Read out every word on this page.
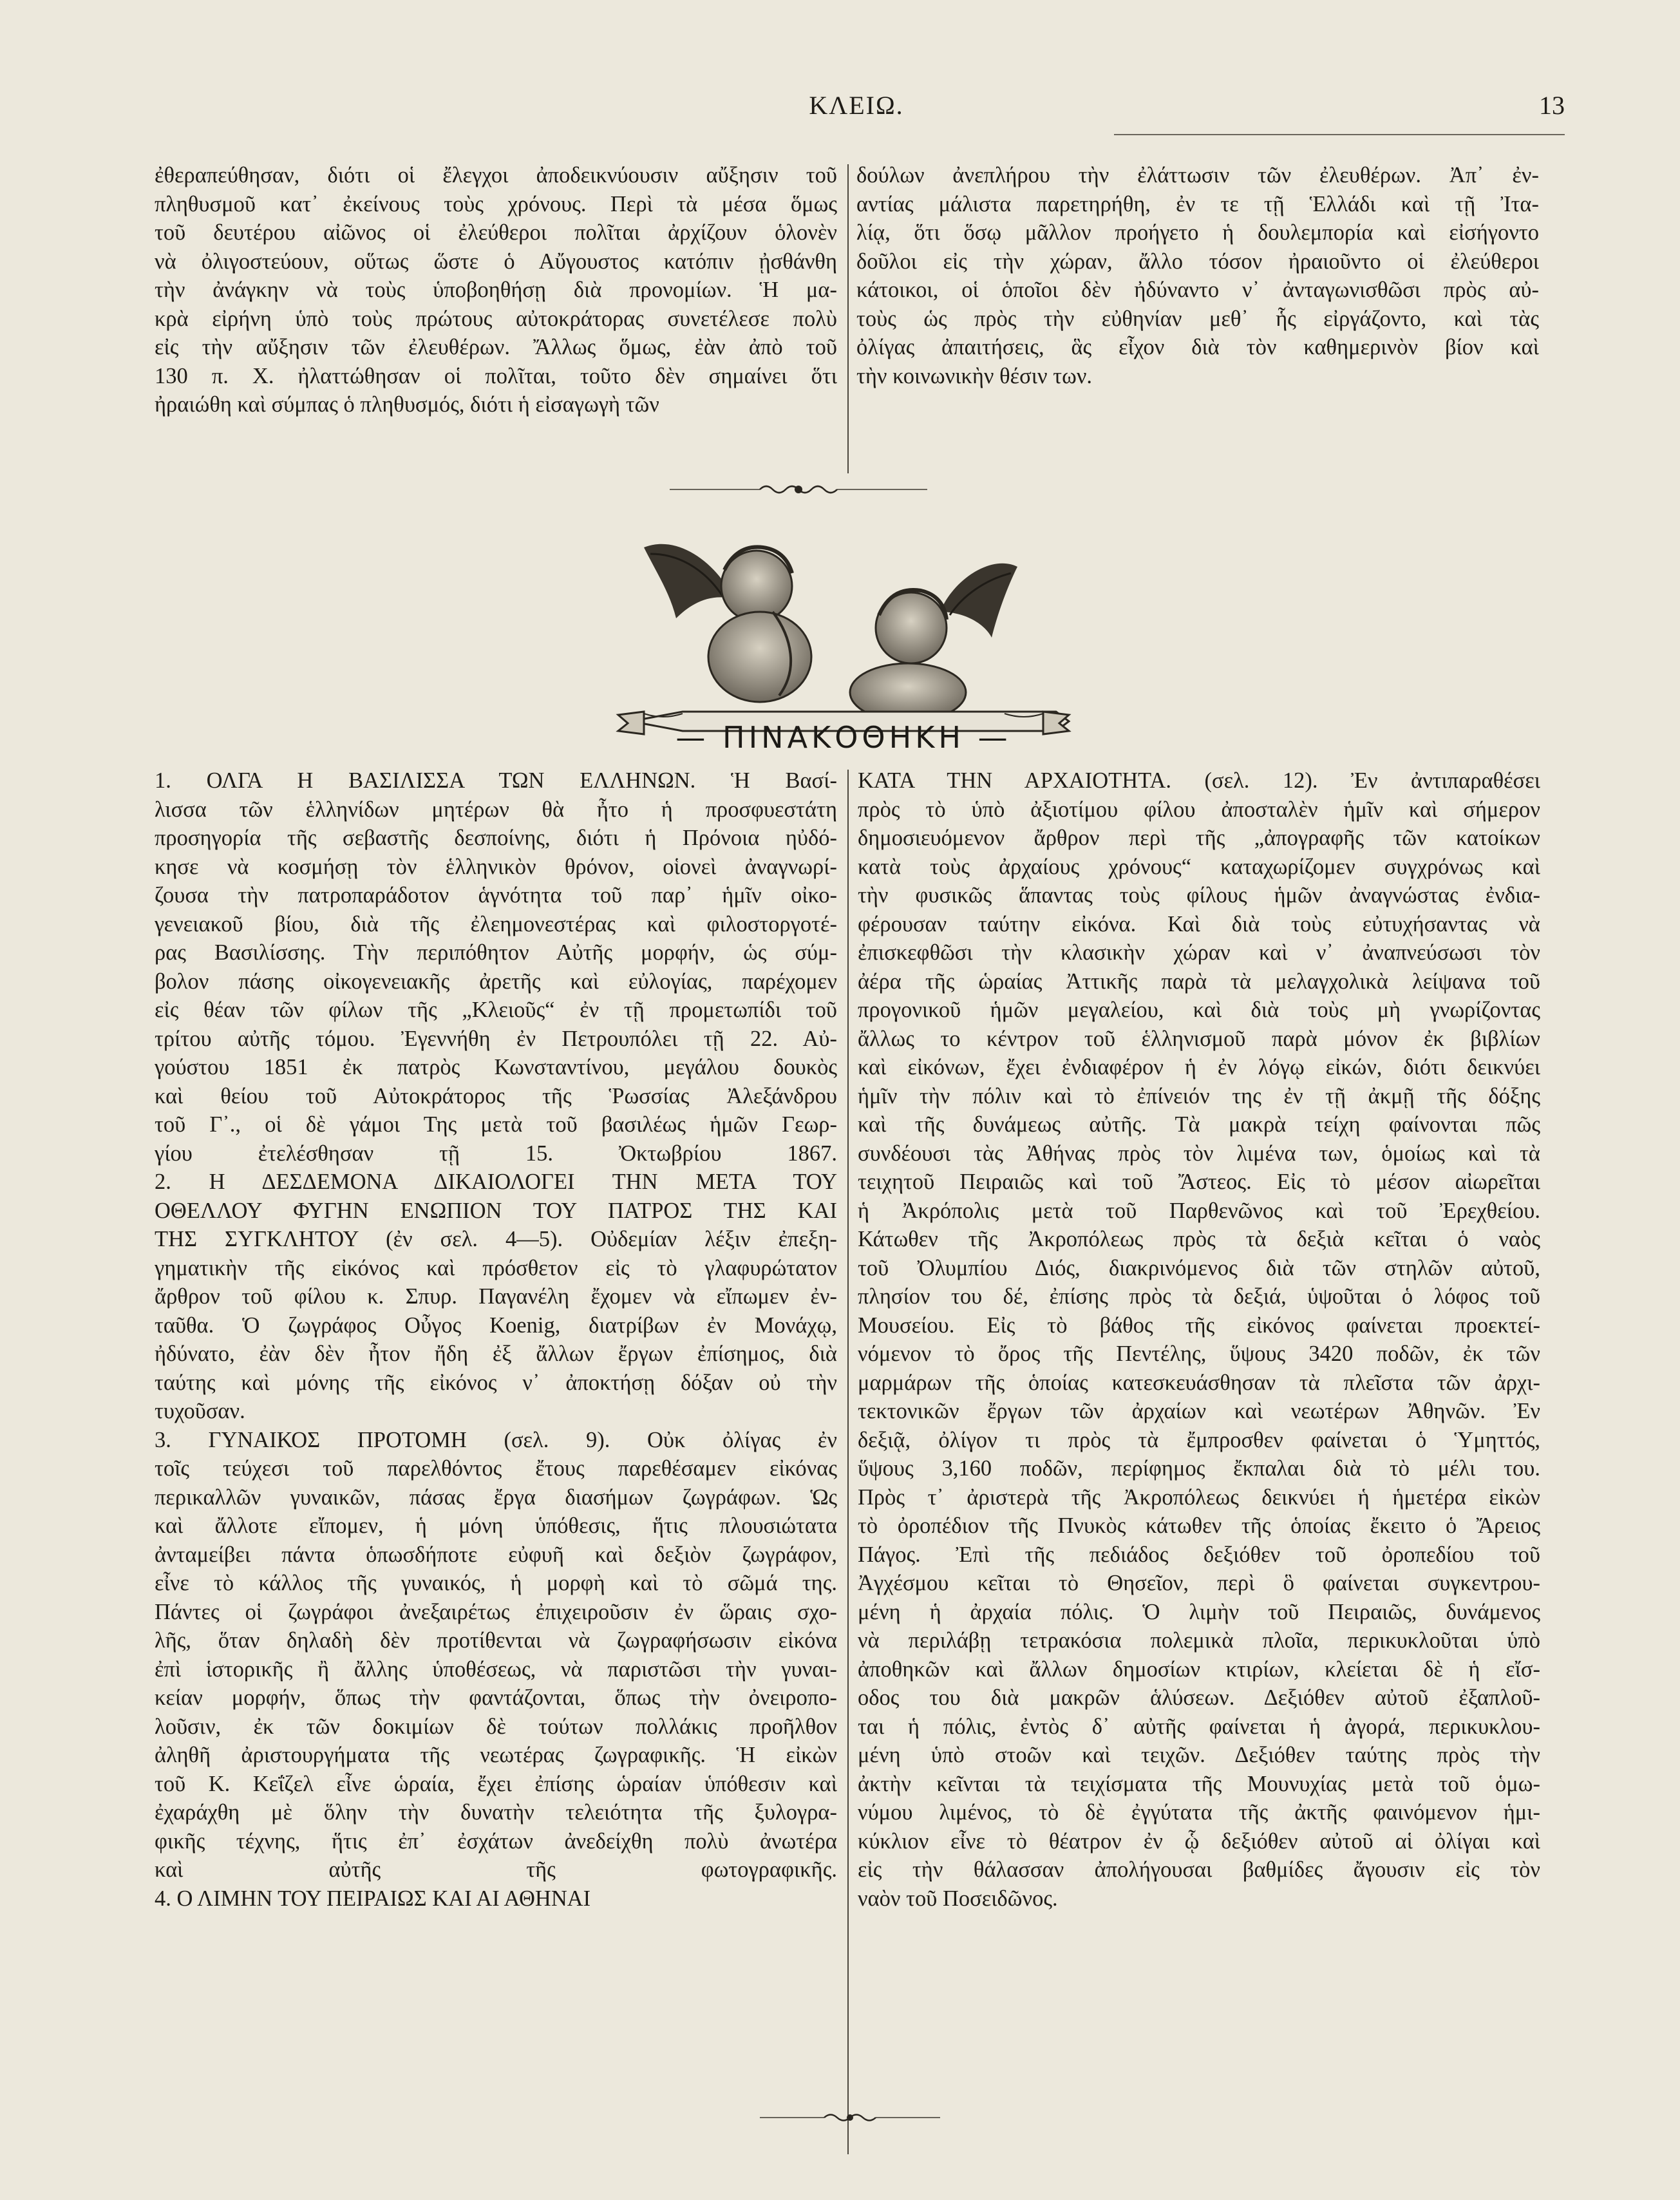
ΚΛΕΙΩ.	13
ἐθεραπεύθησαν, διότι οἱ ἔλεγχοι ἀποδεικνύουσιν αὔξησιν τοῦ
πληθυσμοῦ κατ᾽ ἐκείνους τοὺς χρόνους. Περὶ τὰ μέσα ὅμως
τοῦ δευτέρου αἰῶνος οἱ ἐλεύθεροι πολῖται ἀρχίζουν ὁλονὲν
νὰ ὀλιγοστεύουν, οὕτως ὥστε ὁ Αὔγουστος κατόπιν ᾐσθάνθη
τὴν ἀνάγκην νὰ τοὺς ὑποβοηθήσῃ διὰ προνομίων. Ἡ μα-
κρὰ εἰρήνη ὑπὸ τοὺς πρώτους αὐτοκράτορας συνετέλεσε πολὺ
εἰς τὴν αὔξησιν τῶν ἐλευθέρων. Ἄλλως ὅμως, ἐὰν ἀπὸ τοῦ
130 π. Χ. ἠλαττώθησαν οἱ πολῖται, τοῦτο δὲν σημαίνει ὅτι
ἠραιώθη καὶ σύμπας ὁ πληθυσμός, διότι ἡ εἰσαγωγὴ τῶν
δούλων ἀνεπλήρου τὴν ἐλάττωσιν τῶν ἐλευθέρων. Ἀπ᾽ ἐν-
αντίας μάλιστα παρετηρήθη, ἐν τε τῇ Ἑλλάδι καὶ τῇ Ἰτα-
λίᾳ, ὅτι ὅσῳ μᾶλλον προήγετο ἡ δουλεμπορία καὶ εἰσήγοντο
δοῦλοι εἰς τὴν χώραν, ἄλλο τόσον ἠραιοῦντο οἱ ἐλεύθεροι
κάτοικοι, οἱ ὁποῖοι δὲν ἠδύναντο ν᾽ ἀνταγωνισθῶσι πρὸς αὐ-
τοὺς ὡς πρὸς τὴν εὐθηνίαν μεθ᾽ ἧς εἰργάζοντο, καὶ τὰς
ὀλίγας ἀπαιτήσεις, ἃς εἶχον διὰ τὸν καθημερινὸν βίον καὶ
τὴν κοινωνικὴν θέσιν των.
— ΠΙΝΑΚΟΘΗΚΗ —
1. ΟΛΓΑ Η ΒΑΣΙΛΙΣΣΑ ΤΩΝ ΕΛΛΗΝΩΝ. Ἡ Βασί-
λισσα τῶν ἑλληνίδων μητέρων θὰ ἦτο ἡ προσφυεστάτη
προσηγορία τῆς σεβαστῆς δεσποίνης, διότι ἡ Πρόνοια ηὐδό-
κησε νὰ κοσμήσῃ τὸν ἑλληνικὸν θρόνον, οἱονεὶ ἀναγνωρί-
ζουσα τὴν πατροπαράδοτον ἁγνότητα τοῦ παρ᾽ ἡμῖν οἰκο-
γενειακοῦ βίου, διὰ τῆς ἐλεημονεστέρας καὶ φιλοστοργοτέ-
ρας Βασιλίσσης. Τὴν περιπόθητον Αὐτῆς μορφήν, ὡς σύμ-
βολον πάσης οἰκογενειακῆς ἀρετῆς καὶ εὐλογίας, παρέχομεν
εἰς θέαν τῶν φίλων τῆς „Κλειοῦς“ ἐν τῇ προμετωπίδι τοῦ
τρίτου αὐτῆς τόμου. Ἐγεννήθη ἐν Πετρουπόλει τῇ 22. Αὐ-
γούστου 1851 ἐκ πατρὸς Κωνσταντίνου, μεγάλου δουκὸς
καὶ θείου τοῦ Αὐτοκράτορος τῆς Ῥωσσίας Ἀλεξάνδρου
τοῦ Γ᾽., οἱ δὲ γάμοι Της μετὰ τοῦ βασιλέως ἡμῶν Γεωρ-
γίου ἐτελέσθησαν τῇ 15. Ὀκτωβρίου 1867.
2. Η ΔΕΣΔΕΜΟΝΑ ΔΙΚΑΙΟΛΟΓΕΙ ΤΗΝ ΜΕΤΑ ΤΟΥ
ΟΘΕΛΛΟΥ ΦΥΓΗΝ ΕΝΩΠΙΟΝ ΤΟΥ ΠΑΤΡΟΣ ΤΗΣ ΚΑΙ
ΤΗΣ ΣΥΓΚΛΗΤΟΥ (ἐν σελ. 4—5). Οὐδεμίαν λέξιν ἐπεξη-
γηματικὴν τῆς εἰκόνος καὶ πρόσθετον εἰς τὸ γλαφυρώτατον
ἄρθρον τοῦ φίλου κ. Σπυρ. Παγανέλη ἔχομεν νὰ εἴπωμεν ἐν-
ταῦθα. Ὁ ζωγράφος Οὖγος Koenig, διατρίβων ἐν Μονάχῳ,
ἠδύνατο, ἐὰν δὲν ἦτον ἤδη ἐξ ἄλλων ἔργων ἐπίσημος, διὰ
ταύτης καὶ μόνης τῆς εἰκόνος ν᾽ ἀποκτήσῃ δόξαν οὐ τὴν
τυχοῦσαν.
3. ΓΥΝΑΙΚΟΣ ΠΡΟΤΟΜΗ (σελ. 9). Οὐκ ὀλίγας ἐν
τοῖς τεύχεσι τοῦ παρελθόντος ἔτους παρεθέσαμεν εἰκόνας
περικαλλῶν γυναικῶν, πάσας ἔργα διασήμων ζωγράφων. Ὡς
καὶ ἄλλοτε εἴπομεν, ἡ μόνη ὑπόθεσις, ἥτις πλουσιώτατα
ἀνταμείβει πάντα ὁπωσδήποτε εὐφυῆ καὶ δεξιὸν ζωγράφον,
εἶνε τὸ κάλλος τῆς γυναικός, ἡ μορφὴ καὶ τὸ σῶμά της.
Πάντες οἱ ζωγράφοι ἀνεξαιρέτως ἐπιχειροῦσιν ἐν ὥραις σχο-
λῆς, ὅταν δηλαδὴ δὲν προτίθενται νὰ ζωγραφήσωσιν εἰκόνα
ἐπὶ ἱστορικῆς ἢ ἄλλης ὑποθέσεως, νὰ παριστῶσι τὴν γυναι-
κείαν μορφήν, ὅπως τὴν φαντάζονται, ὅπως τὴν ὀνειροπο-
λοῦσιν, ἐκ τῶν δοκιμίων δὲ τούτων πολλάκις προῆλθον
ἀληθῆ ἀριστουργήματα τῆς νεωτέρας ζωγραφικῆς. Ἡ εἰκὼν
τοῦ Κ. Κεΐζελ εἶνε ὡραία, ἔχει ἐπίσης ὡραίαν ὑπόθεσιν καὶ
ἐχαράχθη μὲ ὅλην τὴν δυνατὴν τελειότητα τῆς ξυλογρα-
φικῆς τέχνης, ἥτις ἐπ᾽ ἐσχάτων ἀνεδείχθη πολὺ ἀνωτέρα
καὶ αὐτῆς τῆς φωτογραφικῆς.
4. Ο ΛΙΜΗΝ ΤΟΥ ΠΕΙΡΑΙΩΣ ΚΑΙ ΑΙ ΑΘΗΝΑΙ
ΚΑΤΑ ΤΗΝ ΑΡΧΑΙΟΤΗΤΑ. (σελ. 12). Ἐν ἀντιπαραθέσει
πρὸς τὸ ὑπὸ ἀξιοτίμου φίλου ἀποσταλὲν ἡμῖν καὶ σήμερον
δημοσιευόμενον ἄρθρον περὶ τῆς „ἀπογραφῆς τῶν κατοίκων
κατὰ τοὺς ἀρχαίους χρόνους“ καταχωρίζομεν συγχρόνως καὶ
τὴν φυσικῶς ἅπαντας τοὺς φίλους ἡμῶν ἀναγνώστας ἐνδια-
φέρουσαν ταύτην εἰκόνα. Καὶ διὰ τοὺς εὐτυχήσαντας νὰ
ἐπισκεφθῶσι τὴν κλασικὴν χώραν καὶ ν᾽ ἀναπνεύσωσι τὸν
ἀέρα τῆς ὡραίας Ἀττικῆς παρὰ τὰ μελαγχολικὰ λείψανα τοῦ
προγονικοῦ ἡμῶν μεγαλείου, καὶ διὰ τοὺς μὴ γνωρίζοντας
ἄλλως το κέντρον τοῦ ἑλληνισμοῦ παρὰ μόνον ἐκ βιβλίων
καὶ εἰκόνων, ἔχει ἐνδιαφέρον ἡ ἐν λόγῳ εἰκών, διότι δεικνύει
ἡμῖν τὴν πόλιν καὶ τὸ ἐπίνειόν της ἐν τῇ ἀκμῇ τῆς δόξης
καὶ τῆς δυνάμεως αὐτῆς. Τὰ μακρὰ τείχη φαίνονται πῶς
συνδέουσι τὰς Ἀθήνας πρὸς τὸν λιμένα των, ὁμοίως καὶ τὰ
τειχητοῦ Πειραιῶς καὶ τοῦ Ἄστεος. Εἰς τὸ μέσον αἰωρεῖται
ἡ Ἀκρόπολις μετὰ τοῦ Παρθενῶνος καὶ τοῦ Ἐρεχθείου.
Κάτωθεν τῆς Ἀκροπόλεως πρὸς τὰ δεξιὰ κεῖται ὁ ναὸς
τοῦ Ὀλυμπίου Διός, διακρινόμενος διὰ τῶν στηλῶν αὐτοῦ,
πλησίον του δέ, ἐπίσης πρὸς τὰ δεξιά, ὑψοῦται ὁ λόφος τοῦ
Μουσείου. Εἰς τὸ βάθος τῆς εἰκόνος φαίνεται προεκτεί-
νόμενον τὸ ὄρος τῆς Πεντέλης, ὕψους 3420 ποδῶν, ἐκ τῶν
μαρμάρων τῆς ὁποίας κατεσκευάσθησαν τὰ πλεῖστα τῶν ἀρχι-
τεκτονικῶν ἔργων τῶν ἀρχαίων καὶ νεωτέρων Ἀθηνῶν. Ἐν
δεξιᾷ, ὀλίγον τι πρὸς τὰ ἔμπροσθεν φαίνεται ὁ Ὑμηττός,
ὕψους 3,160 ποδῶν, περίφημος ἔκπαλαι διὰ τὸ μέλι του.
Πρὸς τ᾽ ἀριστερὰ τῆς Ἀκροπόλεως δεικνύει ἡ ἡμετέρα εἰκὼν
τὸ ὀροπέδιον τῆς Πνυκὸς κάτωθεν τῆς ὁποίας ἔκειτο ὁ Ἄρειος
Πάγος. Ἐπὶ τῆς πεδιάδος δεξιόθεν τοῦ ὀροπεδίου τοῦ
Ἀγχέσμου κεῖται τὸ Θησεῖον, περὶ ὃ φαίνεται συγκεντρου-
μένη ἡ ἀρχαία πόλις. Ὁ λιμὴν τοῦ Πειραιῶς, δυνάμενος
νὰ περιλάβῃ τετρακόσια πολεμικὰ πλοῖα, περικυκλοῦται ὑπὸ
ἀποθηκῶν καὶ ἄλλων δημοσίων κτιρίων, κλείεται δὲ ἡ εἴσ-
οδος του διὰ μακρῶν ἁλύσεων. Δεξιόθεν αὐτοῦ ἐξαπλοῦ-
ται ἡ πόλις, ἐντὸς δ᾽ αὐτῆς φαίνεται ἡ ἀγορά, περικυκλου-
μένη ὑπὸ στοῶν καὶ τειχῶν. Δεξιόθεν ταύτης πρὸς τὴν
ἀκτὴν κεῖνται τὰ τειχίσματα τῆς Μουνυχίας μετὰ τοῦ ὁμω-
νύμου λιμένος, τὸ δὲ ἐγγύτατα τῆς ἀκτῆς φαινόμενον ἡμι-
κύκλιον εἶνε τὸ θέατρον ἐν ᾧ δεξιόθεν αὐτοῦ αἱ ὀλίγαι καὶ
εἰς τὴν θάλασσαν ἀπολήγουσαι βαθμίδες ἄγουσιν εἰς τὸν
ναὸν τοῦ Ποσειδῶνος.
